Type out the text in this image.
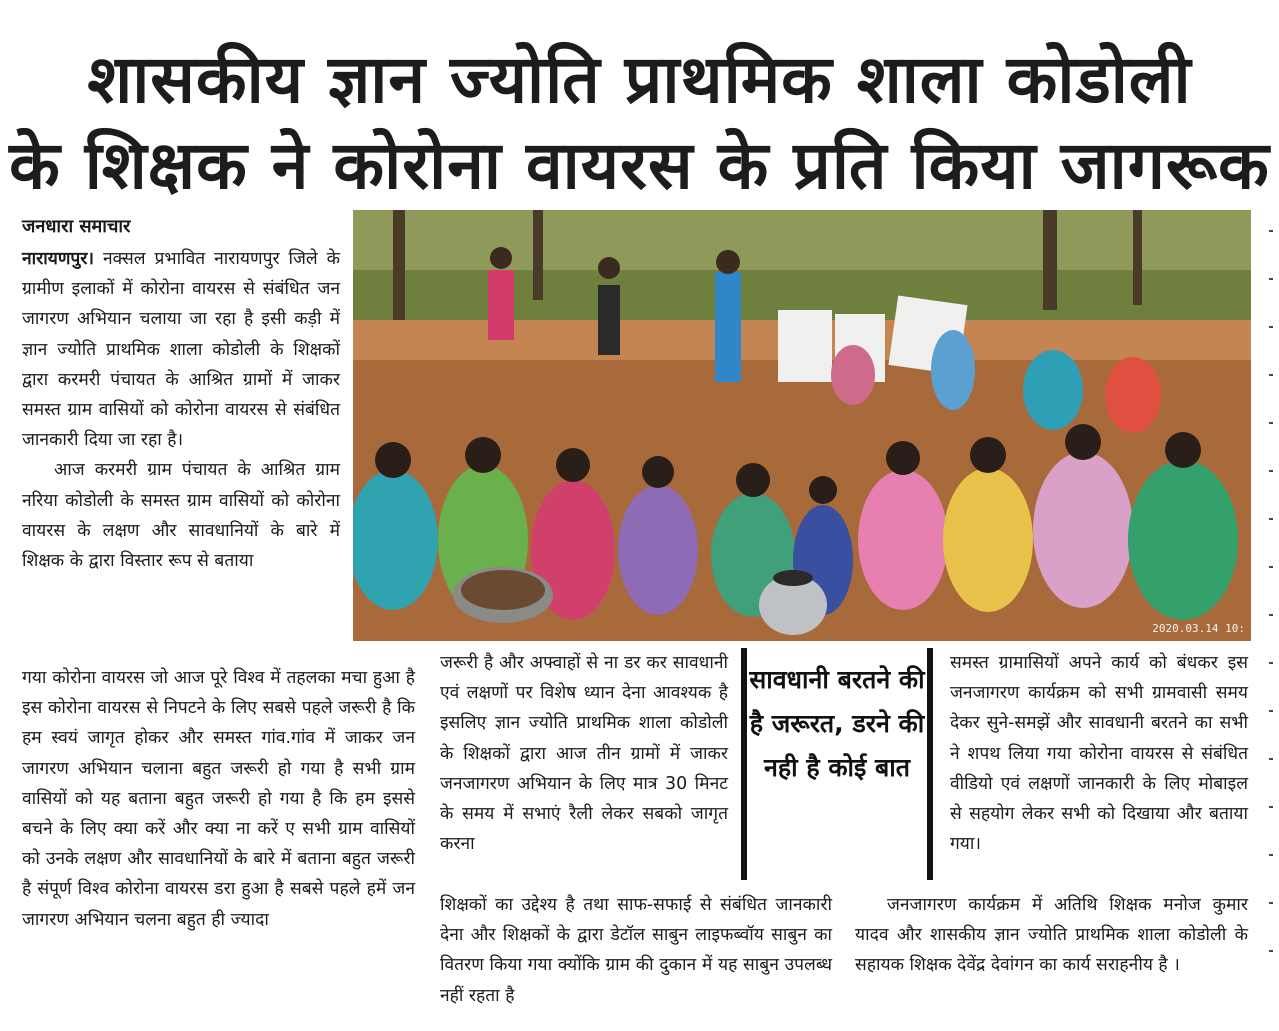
शासकीय ज्ञान ज्योति प्राथमिक शाला कोडोली
के शिक्षक ने कोरोना वायरस के प्रति किया जागरूक
जनधारा समाचार

नारायणपुर। नक्सल प्रभावित नारायणपुर जिले के ग्रामीण इलाकों में कोरोना वायरस से संबंधित जन जागरण अभियान चलाया जा रहा है इसी कड़ी में ज्ञान ज्योति प्राथमिक शाला कोडोली के शिक्षकों द्वारा करमरी पंचायत के आश्रित ग्रामों में जाकर समस्त ग्राम वासियों को कोरोना वायरस से संबंधित जानकारी दिया जा रहा है।

आज करमरी ग्राम पंचायत के आश्रित ग्राम नरिया कोडोली के समस्त ग्राम वासियों को कोरोना वायरस के लक्षण और सावधानियों के बारे में शिक्षक के द्वारा विस्तार रूप से बताया

गया कोरोना वायरस जो आज पूरे विश्व में तहलका मचा हुआ है इस कोरोना वायरस से निपटने के लिए सबसे पहले जरूरी है कि हम स्वयं जागृत होकर और समस्त गांव.गांव में जाकर जन जागरण अभियान चलाना बहुत जरूरी हो गया है सभी ग्राम वासियों को यह बताना बहुत जरूरी हो गया है कि हम इससे बचने के लिए क्या करें और क्या ना करें ए सभी ग्राम वासियों को उनके लक्षण और सावधानियों के बारे में बताना बहुत जरूरी है संपूर्ण विश्व कोरोना वायरस डरा हुआ है सबसे पहले हमें जन जागरण अभियान चलना बहुत ही ज्यादा

2020.03.14 10:

जरूरी है और अफ्वाहों से ना डर कर सावधानी एवं लक्षणों पर विशेष ध्यान देना आवश्यक है इसलिए ज्ञान ज्योति प्राथमिक शाला कोडोली के शिक्षकों द्वारा आज तीन ग्रामों में जाकर जनजागरण अभियान के लिए मात्र 30 मिनट के समय में सभाएं रैली लेकर सबको जागृत करना

सावधानी बरतने की है जरूरत, डरने की नही है कोई बात

समस्त ग्रामासियों अपने कार्य को बंधकर इस जनजागरण कार्यक्रम को सभी ग्रामवासी समय देकर सुने-समझें और सावधानी बरतने का सभी ने शपथ लिया गया कोरोना वायरस से संबंधित वीडियो एवं लक्षणों जानकारी के लिए मोबाइल से सहयोग लेकर सभी को दिखाया और बताया गया।

शिक्षकों का उद्देश्य है तथा साफ-सफाई से संबंधित जानकारी देना और शिक्षकों के द्वारा डेटॉल साबुन लाइफब्वॉय साबुन का वितरण किया गया क्योंकि ग्राम की दुकान में यह साबुन उपलब्ध नहीं रहता है

जनजागरण कार्यक्रम में अतिथि शिक्षक मनोज कुमार यादव और शासकीय ज्ञान ज्योति प्राथमिक शाला कोडोली के सहायक शिक्षक देवेंद्र देवांगन का कार्य सराहनीय है ।
